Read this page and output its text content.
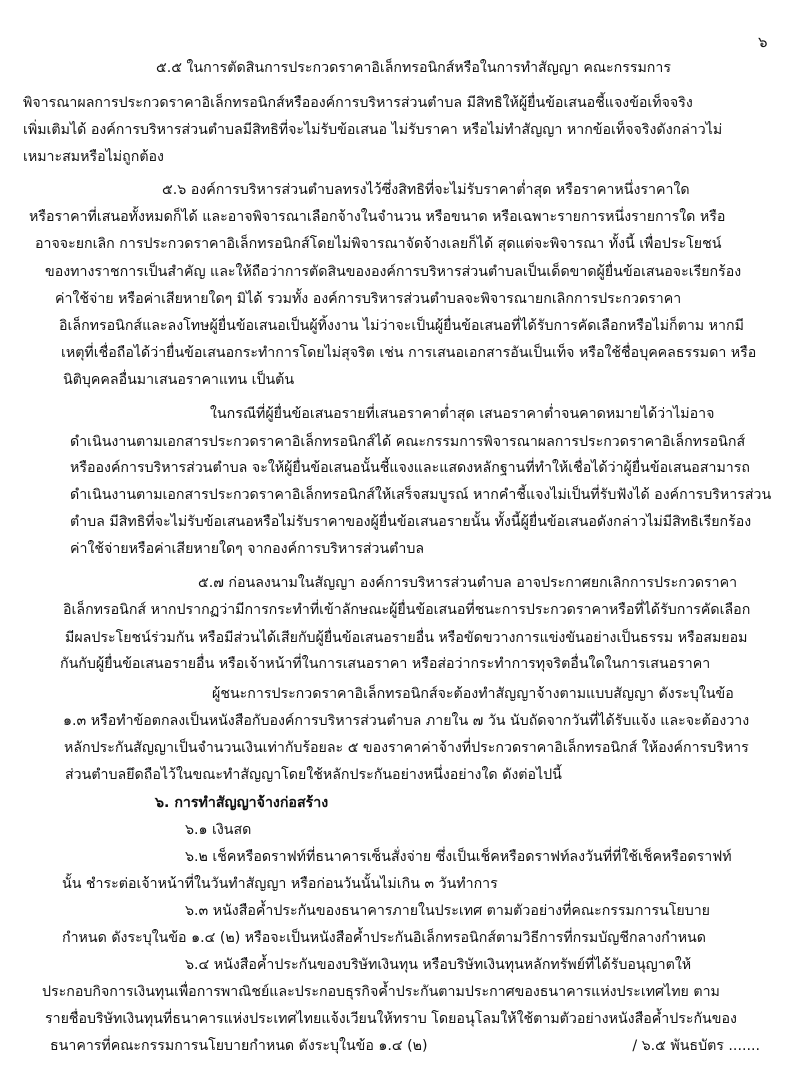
๖
๕.๕ ในการตัดสินการประกวดราคาอิเล็กทรอนิกส์หรือในการทำสัญญา คณะกรรมการ
พิจารณาผลการประกวดราคาอิเล็กทรอนิกส์หรือองค์การบริหารส่วนตำบล มีสิทธิให้ผู้ยื่นข้อเสนอชี้แจงข้อเท็จจริง
เพิ่มเติมได้ องค์การบริหารส่วนตำบลมีสิทธิที่จะไม่รับข้อเสนอ ไม่รับราคา หรือไม่ทำสัญญา หากข้อเท็จจริงดังกล่าวไม่
เหมาะสมหรือไม่ถูกต้อง
๕.๖ องค์การบริหารส่วนตำบลทรงไว้ซึ่งสิทธิที่จะไม่รับราคาต่ำสุด หรือราคาหนึ่งราคาใด
หรือราคาที่เสนอทั้งหมดก็ได้ และอาจพิจารณาเลือกจ้างในจำนวน หรือขนาด หรือเฉพาะรายการหนึ่งรายการใด หรือ
อาจจะยกเลิก การประกวดราคาอิเล็กทรอนิกส์โดยไม่พิจารณาจัดจ้างเลยก็ได้ สุดแต่จะพิจารณา ทั้งนี้ เพื่อประโยชน์
ของทางราชการเป็นสำคัญ และให้ถือว่าการตัดสินขององค์การบริหารส่วนตำบลเป็นเด็ดขาดผู้ยื่นข้อเสนอจะเรียกร้อง
ค่าใช้จ่าย หรือค่าเสียหายใดๆ มิได้ รวมทั้ง องค์การบริหารส่วนตำบลจะพิจารณายกเลิกการประกวดราคา
อิเล็กทรอนิกส์และลงโทษผู้ยื่นข้อเสนอเป็นผู้ทิ้งงาน ไม่ว่าจะเป็นผู้ยื่นข้อเสนอที่ได้รับการคัดเลือกหรือไม่ก็ตาม หากมี
เหตุที่เชื่อถือได้ว่ายื่นข้อเสนอกระทำการโดยไม่สุจริต เช่น การเสนอเอกสารอันเป็นเท็จ หรือใช้ชื่อบุคคลธรรมดา หรือ
นิติบุคคลอื่นมาเสนอราคาแทน เป็นต้น
ในกรณีที่ผู้ยื่นข้อเสนอรายที่เสนอราคาต่ำสุด เสนอราคาต่ำจนคาดหมายได้ว่าไม่อาจ
ดำเนินงานตามเอกสารประกวดราคาอิเล็กทรอนิกส์ได้ คณะกรรมการพิจารณาผลการประกวดราคาอิเล็กทรอนิกส์
หรือองค์การบริหารส่วนตำบล จะให้ผู้ยื่นข้อเสนอนั้นชี้แจงและแสดงหลักฐานที่ทำให้เชื่อได้ว่าผู้ยื่นข้อเสนอสามารถ
ดำเนินงานตามเอกสารประกวดราคาอิเล็กทรอนิกส์ให้เสร็จสมบูรณ์ หากคำชี้แจงไม่เป็นที่รับฟังได้ องค์การบริหารส่วน
ตำบล มีสิทธิที่จะไม่รับข้อเสนอหรือไม่รับราคาของผู้ยื่นข้อเสนอรายนั้น ทั้งนี้ผู้ยื่นข้อเสนอดังกล่าวไม่มีสิทธิเรียกร้อง
ค่าใช้จ่ายหรือค่าเสียหายใดๆ จากองค์การบริหารส่วนตำบล
๕.๗ ก่อนลงนามในสัญญา องค์การบริหารส่วนตำบล อาจประกาศยกเลิกการประกวดราคา
อิเล็กทรอนิกส์ หากปรากฏว่ามีการกระทำที่เข้าลักษณะผู้ยื่นข้อเสนอที่ชนะการประกวดราคาหรือที่ได้รับการคัดเลือก
มีผลประโยชน์ร่วมกัน หรือมีส่วนได้เสียกับผู้ยื่นข้อเสนอรายอื่น หรือขัดขวางการแข่งขันอย่างเป็นธรรม หรือสมยอม
กันกับผู้ยื่นข้อเสนอรายอื่น หรือเจ้าหน้าที่ในการเสนอราคา หรือส่อว่ากระทำการทุจริตอื่นใดในการเสนอราคา
ผู้ชนะการประกวดราคาอิเล็กทรอนิกส์จะต้องทำสัญญาจ้างตามแบบสัญญา ดังระบุในข้อ
๑.๓ หรือทำข้อตกลงเป็นหนังสือกับองค์การบริหารส่วนตำบล ภายใน ๗ วัน นับถัดจากวันที่ได้รับแจ้ง และจะต้องวาง
หลักประกันสัญญาเป็นจำนวนเงินเท่ากับร้อยละ ๕ ของราคาค่าจ้างที่ประกวดราคาอิเล็กทรอนิกส์ ให้องค์การบริหาร
ส่วนตำบลยึดถือไว้ในขณะทำสัญญาโดยใช้หลักประกันอย่างหนึ่งอย่างใด ดังต่อไปนี้
๖. การทำสัญญาจ้างก่อสร้าง
๖.๑ เงินสด
๖.๒ เช็คหรือดราฟท์ที่ธนาคารเซ็นสั่งจ่าย ซึ่งเป็นเช็คหรือดราฟท์ลงวันที่ที่ใช้เช็คหรือดราฟท์
นั้น ชำระต่อเจ้าหน้าที่ในวันทำสัญญา หรือก่อนวันนั้นไม่เกิน ๓ วันทำการ
๖.๓ หนังสือค้ำประกันของธนาคารภายในประเทศ ตามตัวอย่างที่คณะกรรมการนโยบาย
กำหนด ดังระบุในข้อ ๑.๔ (๒) หรือจะเป็นหนังสือค้ำประกันอิเล็กทรอนิกส์ตามวิธีการที่กรมบัญชีกลางกำหนด
๖.๔ หนังสือค้ำประกันของบริษัทเงินทุน หรือบริษัทเงินทุนหลักทรัพย์ที่ได้รับอนุญาตให้
ประกอบกิจการเงินทุนเพื่อการพาณิชย์และประกอบธุรกิจค้ำประกันตามประกาศของธนาคารแห่งประเทศไทย ตาม
รายชื่อบริษัทเงินทุนที่ธนาคารแห่งประเทศไทยแจ้งเวียนให้ทราบ โดยอนุโลมให้ใช้ตามตัวอย่างหนังสือค้ำประกันของ
ธนาคารที่คณะกรรมการนโยบายกำหนด ดังระบุในข้อ ๑.๔ (๒)	/ ๖.๕ พันธบัตร .......
